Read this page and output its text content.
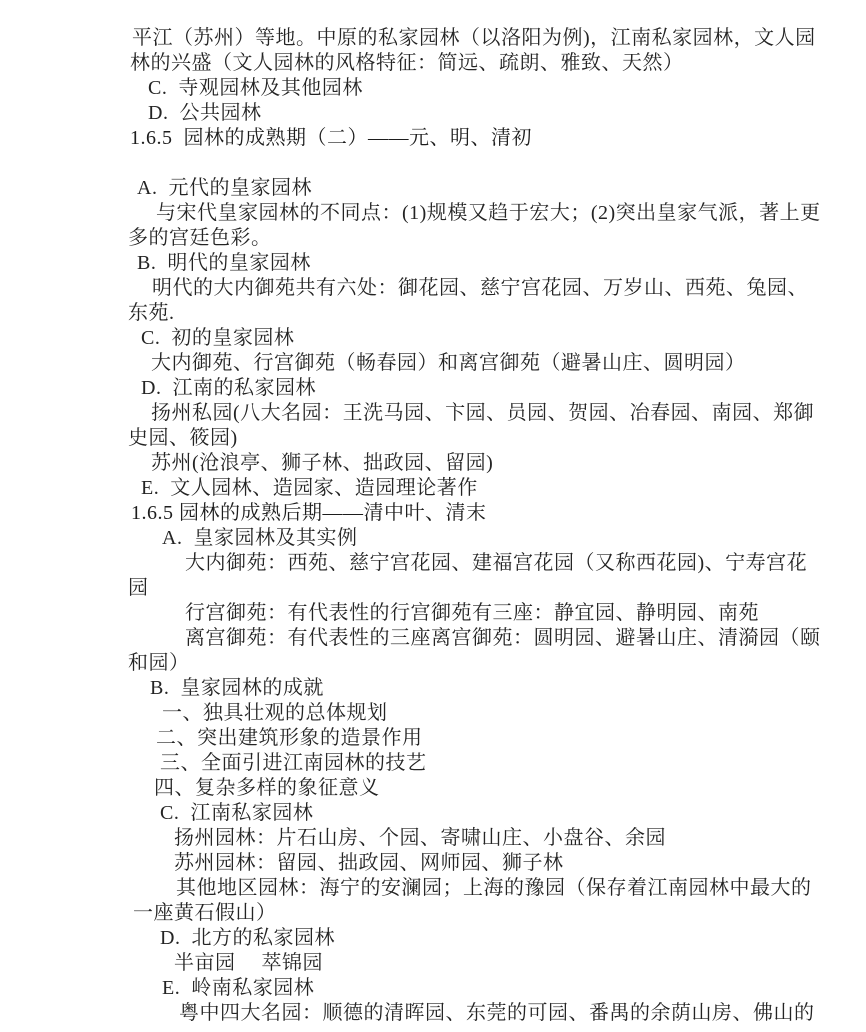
平江（苏州）等地。中原的私家园林（以洛阳为例)，江南私家园林，文人园
林的兴盛（文人园林的风格特征：简远、疏朗、雅致、天然）
C.  寺观园林及其他园林
D.  公共园林
1.6.5  园林的成熟期（二）——元、明、清初
A.  元代的皇家园林
与宋代皇家园林的不同点：(1)规模又趋于宏大；(2)突出皇家气派，著上更
多的宫廷色彩。
B.  明代的皇家园林
明代的大内御苑共有六处：御花园、慈宁宫花园、万岁山、西苑、兔园、
东苑.
C.  初的皇家园林
大内御苑、行宫御苑（畅春园）和离宫御苑（避暑山庄、圆明园）
D.  江南的私家园林
扬州私园(八大名园：王洗马园、卞园、员园、贺园、冶春园、南园、郑御
史园、筱园)
苏州(沧浪亭、狮子林、拙政园、留园)
E.  文人园林、造园家、造园理论著作
1.6.5 园林的成熟后期——清中叶、清末
A.  皇家园林及其实例
大内御苑：西苑、慈宁宫花园、建福宫花园（又称西花园)、宁寿宫花
园
行宫御苑：有代表性的行宫御苑有三座：静宜园、静明园、南苑
离宫御苑：有代表性的三座离宫御苑：圆明园、避暑山庄、清漪园（颐
和园）
B.  皇家园林的成就
一、独具壮观的总体规划
二、突出建筑形象的造景作用
三、全面引进江南园林的技艺
四、复杂多样的象征意义
C.  江南私家园林
扬州园林：片石山房、个园、寄啸山庄、小盘谷、余园
苏州园林：留园、拙政园、网师园、狮子林
其他地区园林：海宁的安澜园；上海的豫园（保存着江南园林中最大的
一座黄石假山）
D.  北方的私家园林
半亩园　 萃锦园
E.  岭南私家园林
粤中四大名园：顺德的清晖园、东莞的可园、番禺的余荫山房、佛山的
